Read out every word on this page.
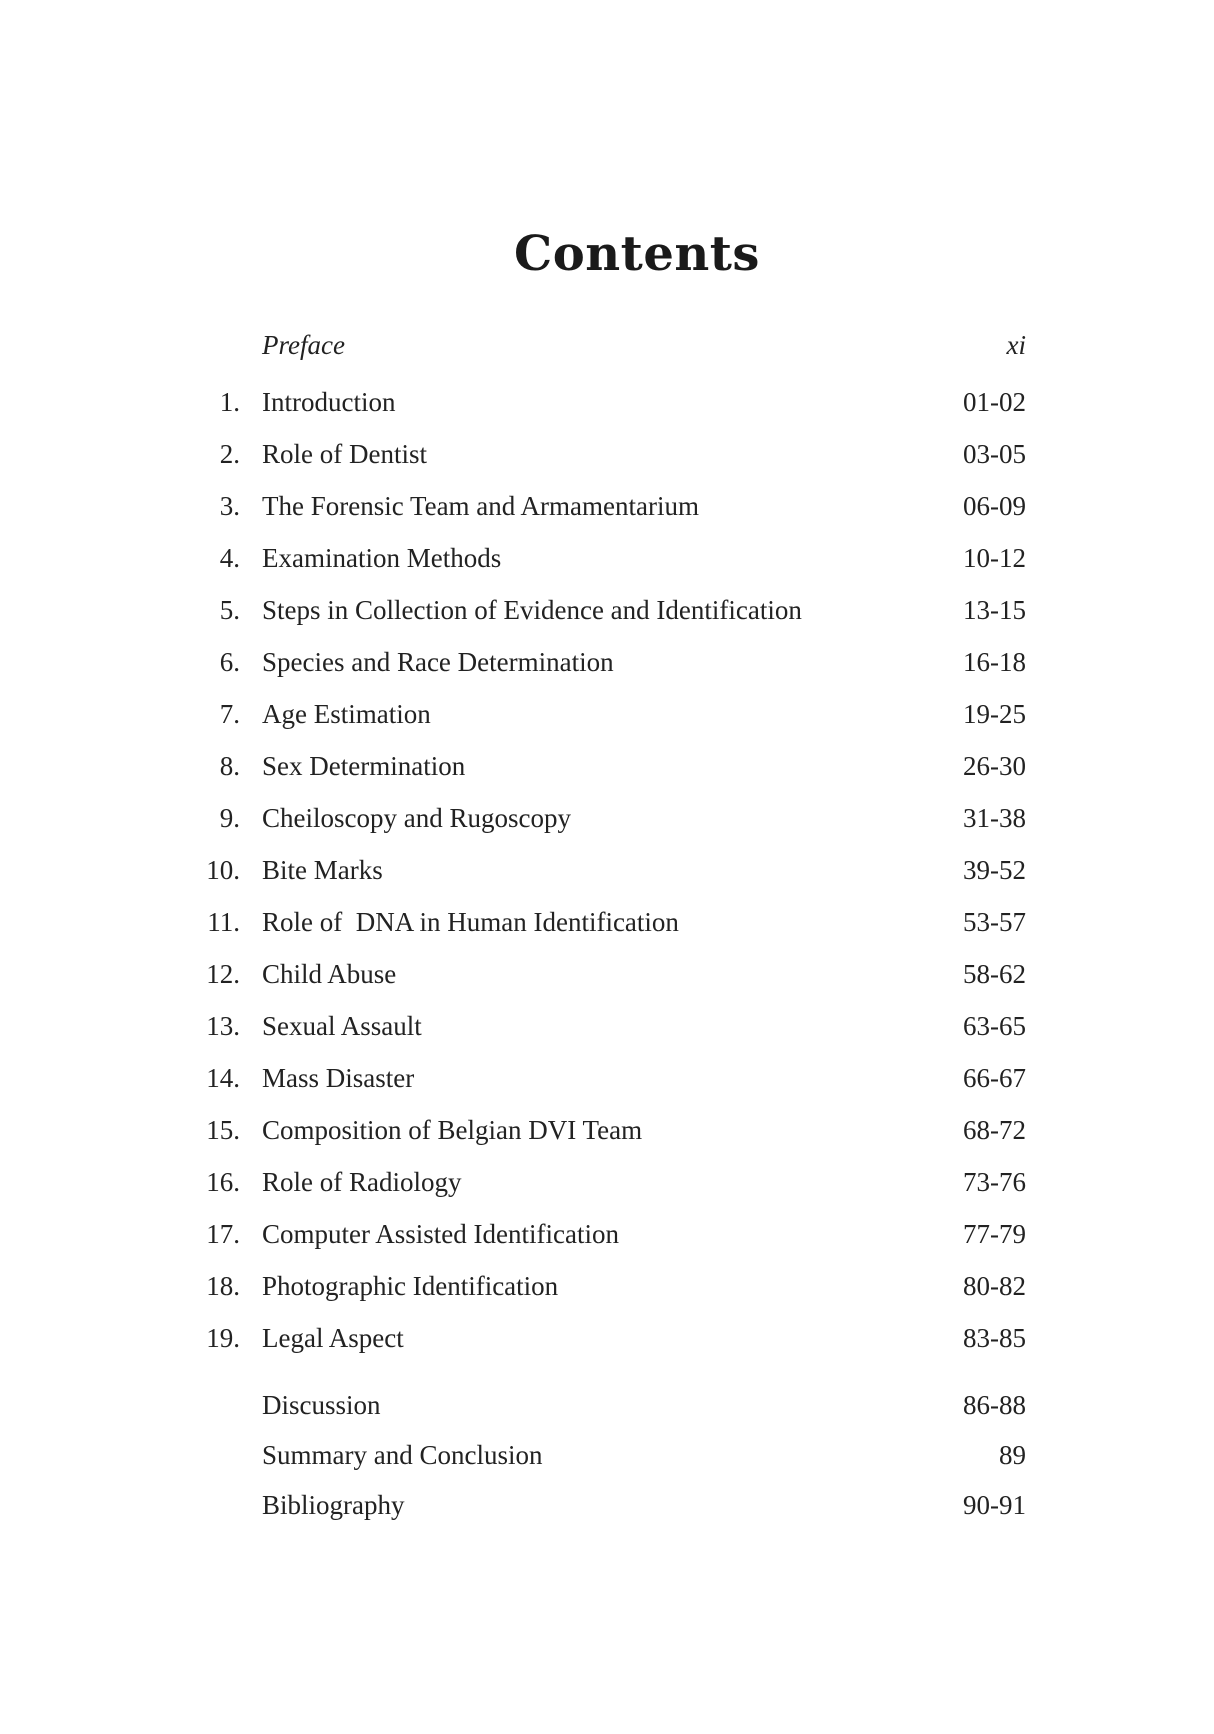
Contents
Preface	xi
1. Introduction	01-02
2. Role of Dentist	03-05
3. The Forensic Team and Armamentarium	06-09
4. Examination Methods	10-12
5. Steps in Collection of Evidence and Identification	13-15
6. Species and Race Determination	16-18
7. Age Estimation	19-25
8. Sex Determination	26-30
9. Cheiloscopy and Rugoscopy	31-38
10. Bite Marks	39-52
11. Role of  DNA in Human Identification	53-57
12. Child Abuse	58-62
13. Sexual Assault	63-65
14. Mass Disaster	66-67
15. Composition of Belgian DVI Team	68-72
16. Role of Radiology	73-76
17. Computer Assisted Identification	77-79
18. Photographic Identification	80-82
19. Legal Aspect	83-85
Discussion	86-88
Summary and Conclusion	89
Bibliography	90-91
